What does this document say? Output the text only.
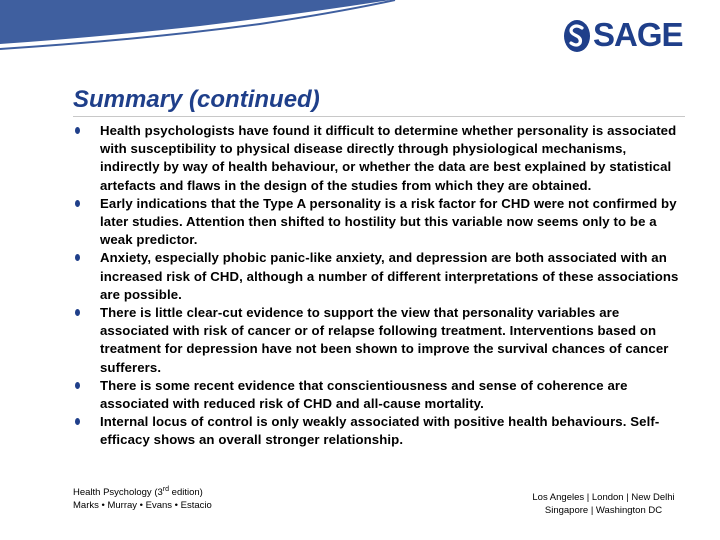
SAGE
Summary (continued)
Health psychologists have found it difficult to determine whether personality is associated with susceptibility to physical disease directly through physiological mechanisms, indirectly by way of health behaviour, or whether the data are best explained by statistical artefacts and flaws in the design of the studies from which they are obtained.
Early indications that the Type A personality is a risk factor for CHD were not confirmed by later studies. Attention then shifted to hostility but this variable now seems only to be a weak predictor.
Anxiety, especially phobic panic-like anxiety, and depression are both associated with an increased risk of CHD, although a number of different interpretations of these associations are possible.
There is little clear-cut evidence to support the view that personality variables are associated with risk of cancer or of relapse following treatment. Interventions based on treatment for depression have not been shown to improve the survival chances of cancer sufferers.
There is some recent evidence that conscientiousness and sense of coherence are associated with reduced risk of CHD and all-cause mortality.
Internal locus of control is only weakly associated with positive health behaviours. Self-efficacy shows an overall stronger relationship.
Health Psychology (3rd edition)
Marks • Murray • Evans • Estacio
Los Angeles | London | New Delhi
Singapore | Washington DC
